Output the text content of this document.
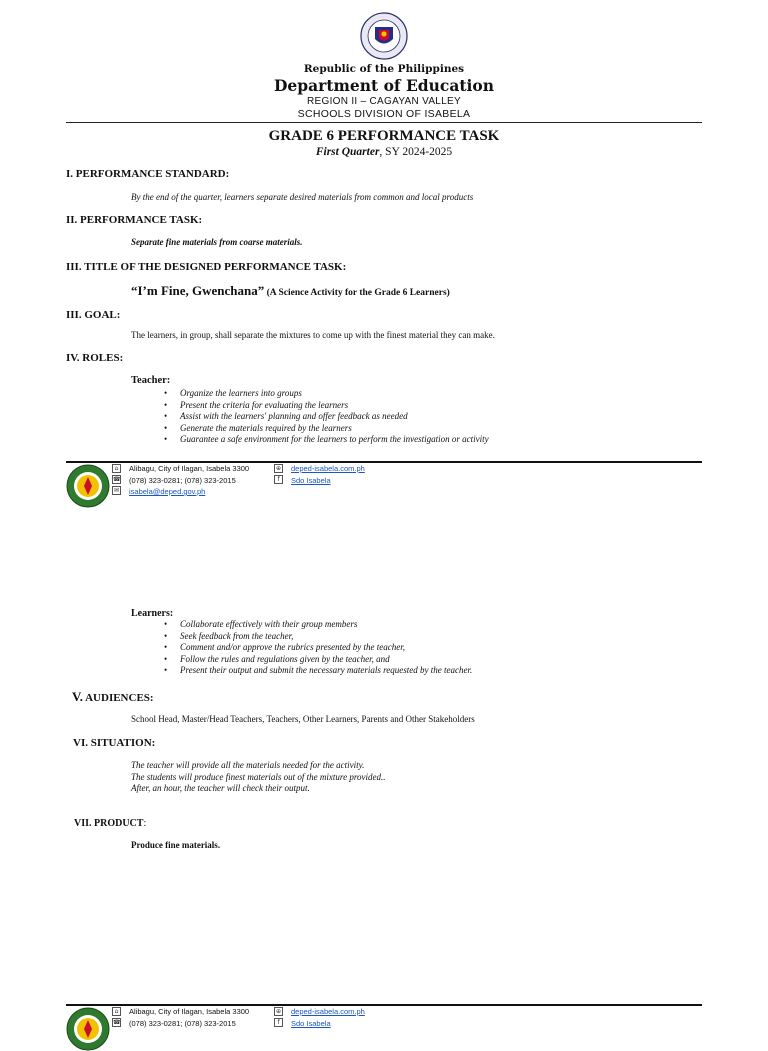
Republic of the Philippines
Department of Education
REGION II – CAGAYAN VALLEY
SCHOOLS DIVISION OF ISABELA
GRADE 6 PERFORMANCE TASK
First Quarter, SY 2024-2025
I. PERFORMANCE STANDARD:
By the end of the quarter, learners separate desired materials from common and local products
II. PERFORMANCE TASK:
Separate fine materials from coarse materials.
III. TITLE OF THE DESIGNED PERFORMANCE TASK:
“I’m Fine, Gwenchana” (A Science Activity for the Grade 6 Learners)
III. GOAL:
The learners, in group, shall separate the mixtures to come up with the finest material they can make.
IV. ROLES:
Teacher:
• Organize the learners into groups
• Present the criteria for evaluating the learners
• Assist with the learners' planning and offer feedback as needed
• Generate the materials required by the learners
• Guarantee a safe environment for the learners to perform the investigation or activity
⌂
☎
✉
Alibagu, City of Ilagan, Isabela 3300
(078) 323-0281; (078) 323-2015
isabela@deped.gov.ph
⊕
f
deped-isabela.com.ph
Sdo Isabela
Learners:
• Collaborate effectively with their group members
• Seek feedback from the teacher,
• Comment and/or approve the rubrics presented by the teacher,
• Follow the rules and regulations given by the teacher, and
• Present their output and submit the necessary materials requested by the teacher.
V. AUDIENCES:
School Head, Master/Head Teachers, Teachers, Other Learners, Parents and Other Stakeholders
VI. SITUATION:
The teacher will provide all the materials needed for the activity.
The students will produce finest materials out of the mixture provided..
After, an hour, the teacher will check their output.
VII. PRODUCT:
Produce fine materials.
⌂
☎
Alibagu, City of Ilagan, Isabela 3300
(078) 323-0281; (078) 323-2015
⊕
f
deped-isabela.com.ph
Sdo Isabela
